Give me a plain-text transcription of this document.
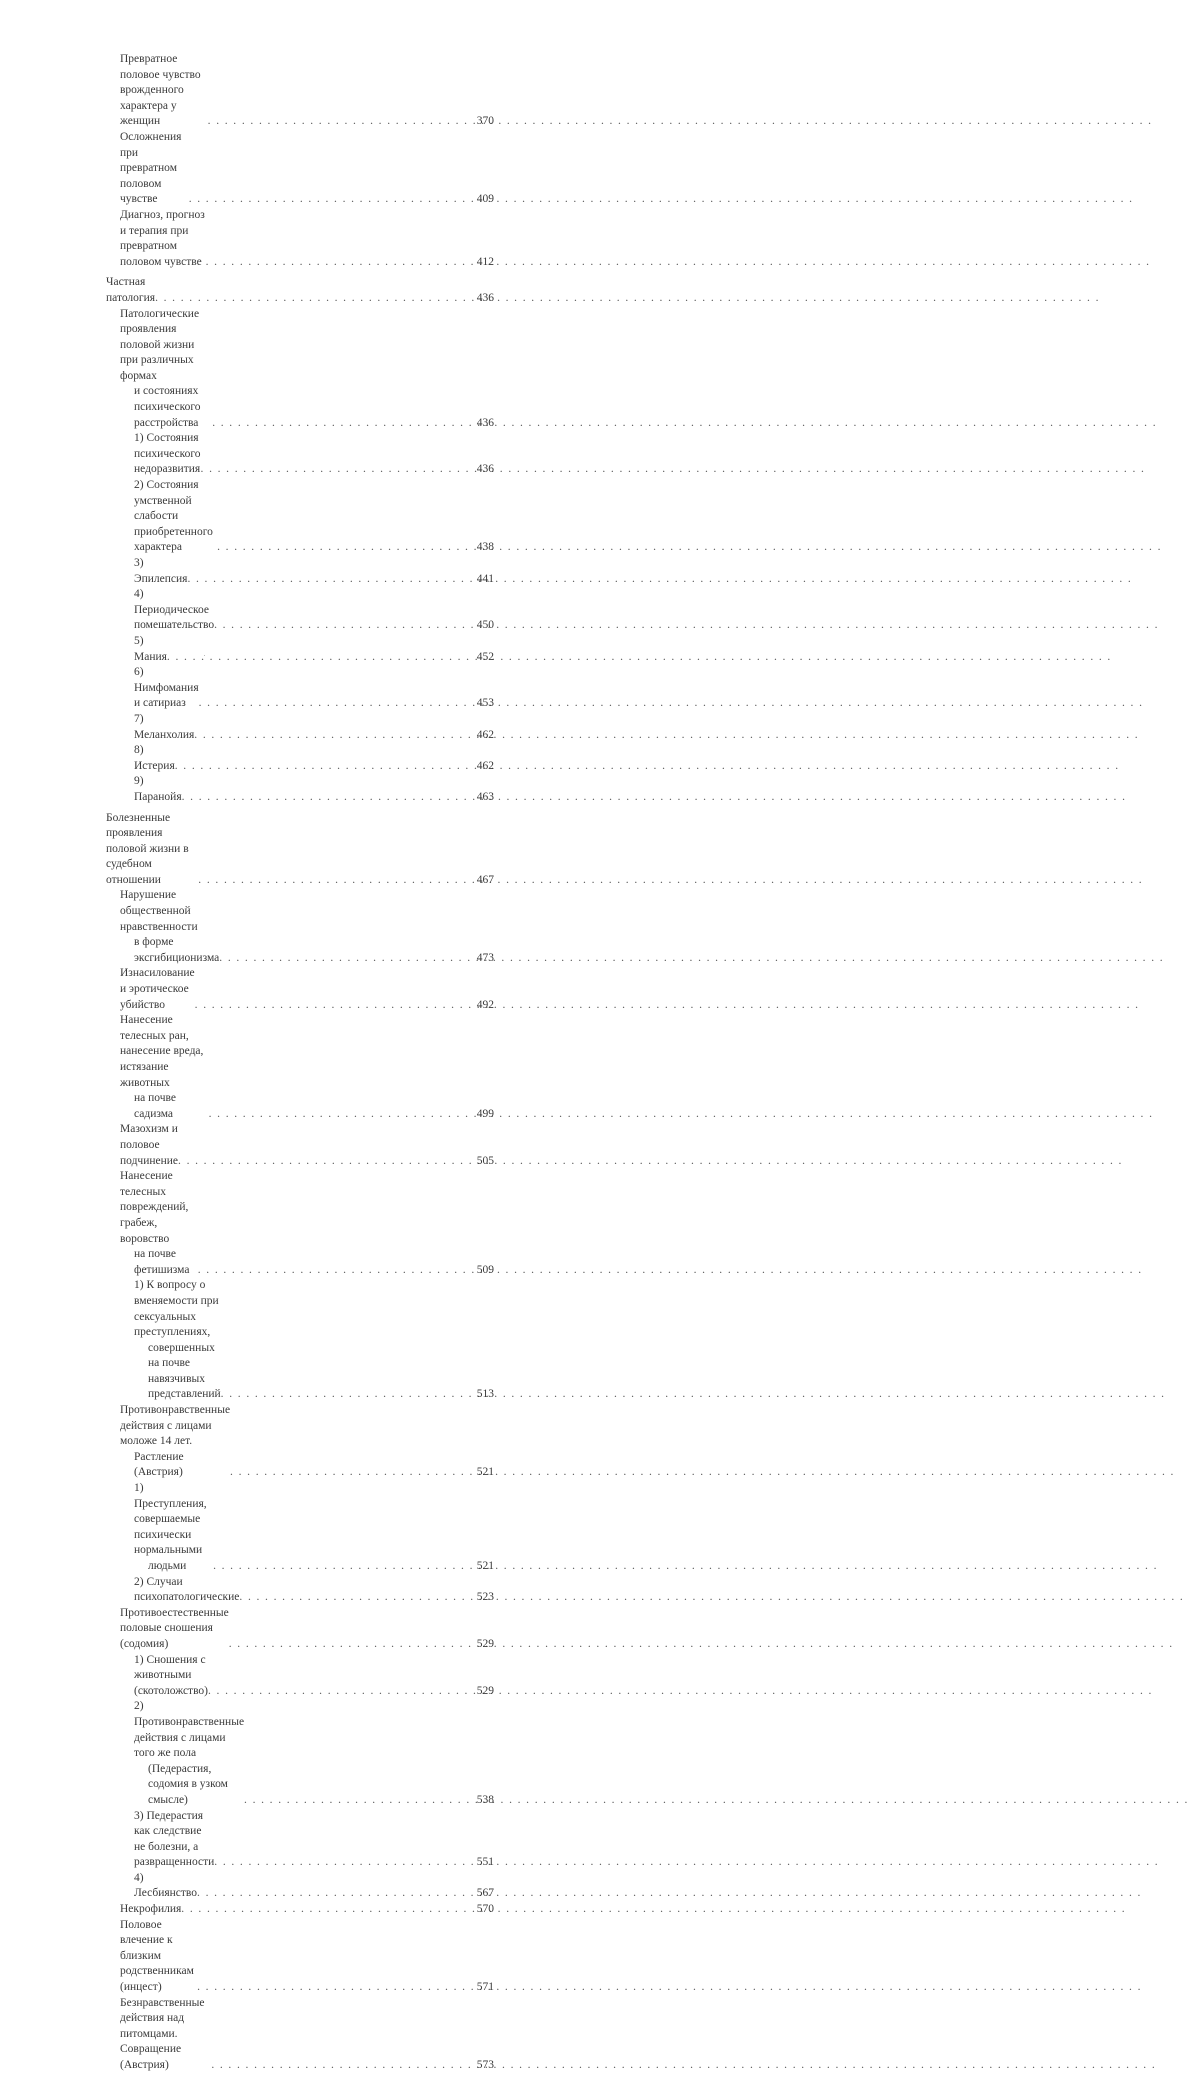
Превратное половое чувство врожденного характера у женщин . . .	370
Осложнения при превратном половом чувстве . . .	409
Диагноз, прогноз и терапия при превратном половом чувстве . . .	412
Частная патология . . .	436
Патологические проявления половой жизни при различных формах
и состояниях психического расстройства . . .	436
1) Состояния психического недоразвития . . .	436
2) Состояния умственной слабости приобретенного характера . . .	438
3) Эпилепсия . . .	441
4) Периодическое помешательство . . .	450
5) Мания . . .	452
6) Нимфомания и сатириаз . . .	453
7) Меланхолия . . .	462
8) Истерия . . .	462
9) Паранойя . . .	463
Болезненные проявления половой жизни в судебном отношении . . .	467
Нарушение общественной нравственности
в форме эксгибиционизма . . .	473
Изнасилование и эротическое убийство . . .	492
Нанесение телесных ран, нанесение вреда, истязание животных
на почве садизма . . .	499
Мазохизм и половое подчинение . . .	505
Нанесение телесных повреждений, грабеж, воровство
на почве фетишизма . . .	509
1) К вопросу о вменяемости при сексуальных преступлениях,
совершенных на почве навязчивых представлений . . .	513
Противонравственные действия с лицами моложе 14 лет.
Растление (Австрия) . . .	521
1) Преступления, совершаемые психически нормальными
людьми . . .	521
2) Случаи психопатологические . . .	523
Противоестественные половые сношения (содомия) . . .	529
1) Сношения с животными (скотоложство) . . .	529
2) Противонравственные действия с лицами того же пола
(Педерастия, содомия в узком смысле) . . .	538
3) Педерастия как следствие не болезни, а развращенности . . .	551
4) Лесбиянство . . .	567
Некрофилия . . .	570
Половое влечение к близким родственникам (инцест) . . .	571
Безнравственные действия над питомцами. Совращение (Австрия) . . .	573
